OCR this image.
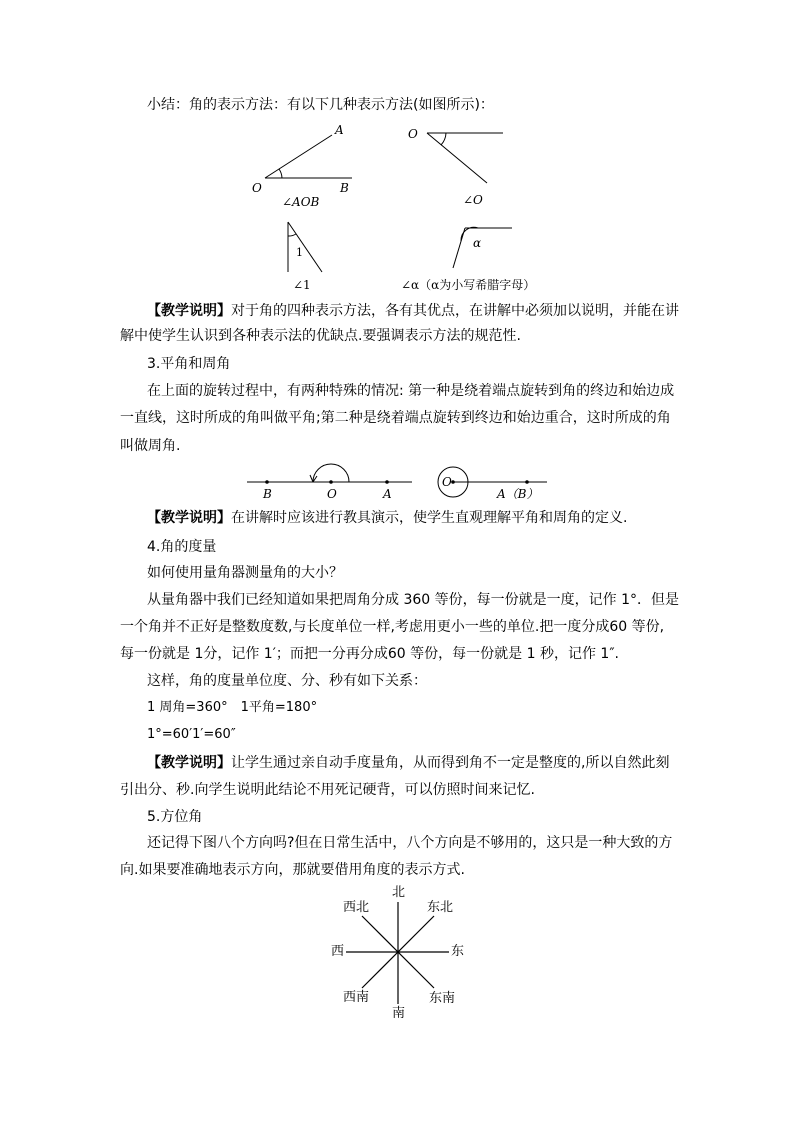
小结：角的表示方法：有以下几种表示方法(如图所示)：
A
O	B
∠AOB
O
∠O
1
∠1
α
∠α（α为小写希腊字母）
【教学说明】对于角的四种表示方法，各有其优点，在讲解中必须加以说明，并能在讲
解中使学生认识到各种表示法的优缺点.要强调表示方法的规范性.
3.平角和周角
在上面的旋转过程中，有两种特殊的情况: 第一种是绕着端点旋转到角的终边和始边成
一直线，这时所成的角叫做平角;第二种是绕着端点旋转到终边和始边重合，这时所成的角
叫做周角.
B	O	A
O
A（B）
【教学说明】在讲解时应该进行教具演示，使学生直观理解平角和周角的定义.
4.角的度量
如何使用量角器测量角的大小？
从量角器中我们已经知道如果把周角分成 360 等份，每一份就是一度，记作 1°．但是
一个角并不正好是整数度数,与长度单位一样,考虑用更小一些的单位.把一度分成60 等份,
每一份就是 1分，记作 1′；而把一分再分成60 等份，每一份就是 1 秒，记作 1″.
这样，角的度量单位度、分、秒有如下关系：
1 周角=360°　1平角=180°
1°=60′1′=60″
【教学说明】让学生通过亲自动手度量角，从而得到角不一定是整度的,所以自然此刻
引出分、秒.向学生说明此结论不用死记硬背，可以仿照时间来记忆.
5.方位角
还记得下图八个方向吗?但在日常生活中，八个方向是不够用的，这只是一种大致的方
向.如果要准确地表示方向，那就要借用角度的表示方式.
北
东北
东
东南
南
西南
西
西北
